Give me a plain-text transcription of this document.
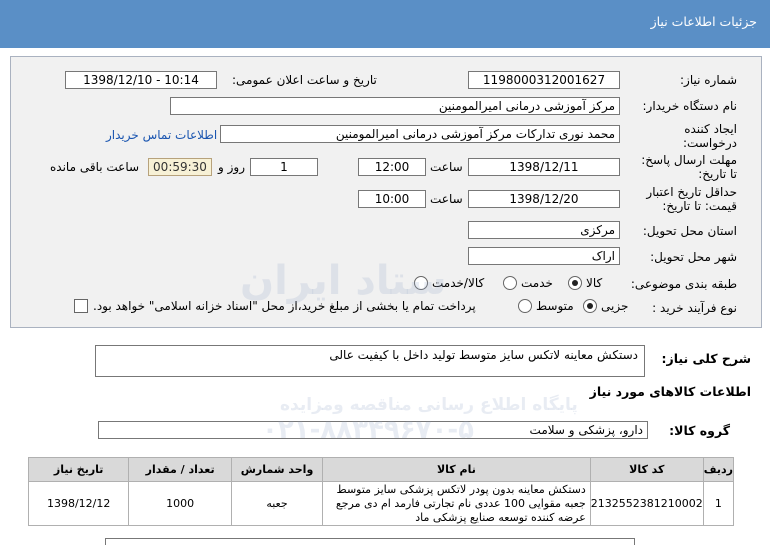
جزئیات اطلاعات نیاز
شماره نیاز:
1198000312001627
تاریخ و ساعت اعلان عمومی:
1398/12/10 - 10:14
نام دستگاه خریدار:
مرکز آموزشی درمانی امیرالمومنین
ایجاد کننده
درخواست:
محمد نوری تدارکات مرکز آموزشی درمانی امیرالمومنین
اطلاعات تماس خریدار
مهلت ارسال پاسخ:
تا تاریخ:
1398/12/11
ساعت
12:00
1
روز و
00:59:30
ساعت باقی مانده
حداقل تاریخ اعتبار
قیمت: تا تاریخ:
1398/12/20
ساعت
10:00
استان محل تحویل:
مرکزی
شهر محل تحویل:
اراک
طبقه بندی موضوعی:
کالا
خدمت
کالا/خدمت
نوع فرآیند خرید :
جزیی
متوسط
پرداخت تمام یا بخشی از مبلغ خرید،از محل "اسناد خزانه اسلامی" خواهد بود.
شرح کلی نیاز:
دستکش معاینه لاتکس سایز متوسط تولید داخل با کیفیت عالی
اطلاعات کالاهای مورد نیاز
گروه کالا:
دارو، پزشکی و سلامت
ردیف	کد کالا	نام کالا	واحد شمارش	تعداد / مقدار	تاریخ نیاز
1	2132552381210002	دستکش معاینه بدون پودر لاتکس پزشکی سایز متوسط
جعبه مقوایی 100 عددی نام تجارتی فارمد ام دی مرجع
عرضه کننده توسعه صنایع پزشکی ماد	جعبه	1000	1398/12/12
پایگاه اطلاع رسانی مناقصه ومزایده
۰۲۱-۸۸۳۴۹۶۷۰-۵
ستاد ایران
